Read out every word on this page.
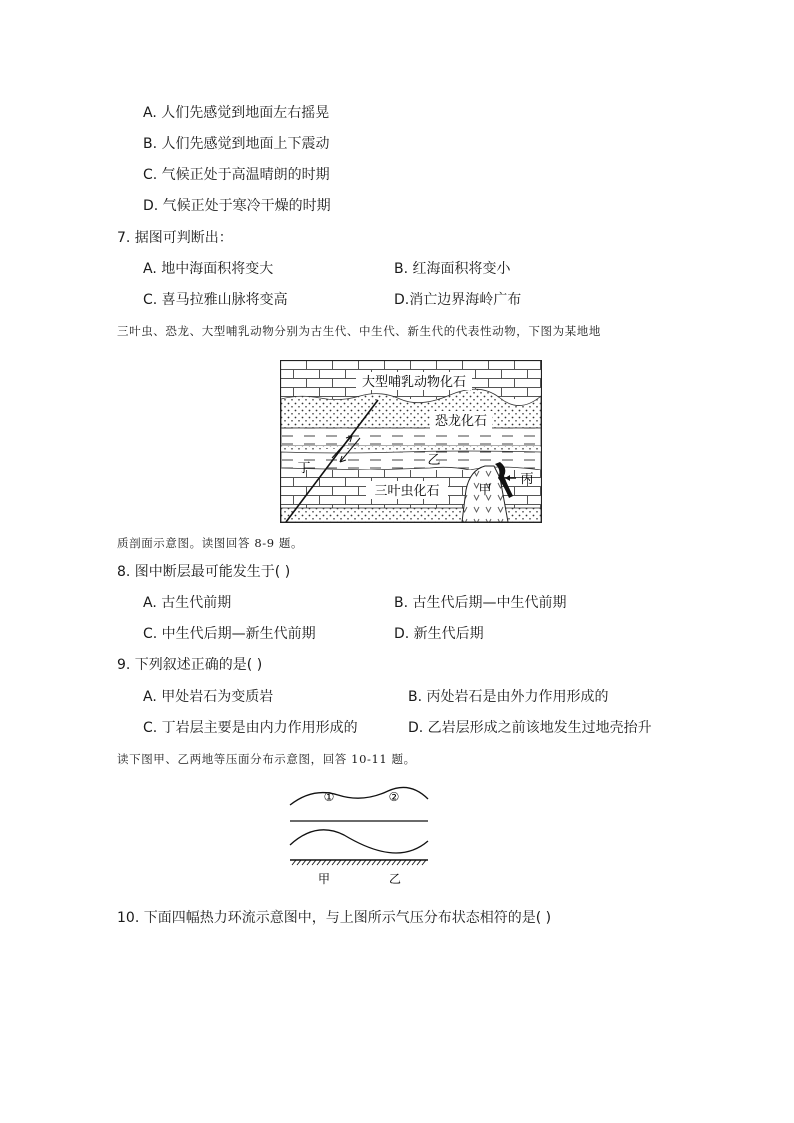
A. 人们先感觉到地面左右摇晃
B. 人们先感觉到地面上下震动
C. 气候正处于高温晴朗的时期
D. 气候正处于寒冷干燥的时期
7. 据图可判断出：
A. 地中海面积将变大	B. 红海面积将变小
C. 喜马拉雅山脉将变高	D.消亡边界海岭广布
三叶虫、恐龙、大型哺乳动物分别为古生代、中生代、新生代的代表性动物，下图为某地地
大型哺乳动物化石
恐龙化石
乙
丁
三叶虫化石	甲
丙
质剖面示意图。读图回答 8-9 题。
8. 图中断层最可能发生于( )
A. 古生代前期	B. 古生代后期—中生代前期
C. 中生代后期—新生代前期	D. 新生代后期
9. 下列叙述正确的是( )
A. 甲处岩石为变质岩	B. 丙处岩石是由外力作用形成的
C. 丁岩层主要是由内力作用形成的	D. 乙岩层形成之前该地发生过地壳抬升
读下图甲、乙两地等压面分布示意图，回答 10-11 题。
①	②
甲	乙
10. 下面四幅热力环流示意图中，与上图所示气压分布状态相符的是( )
